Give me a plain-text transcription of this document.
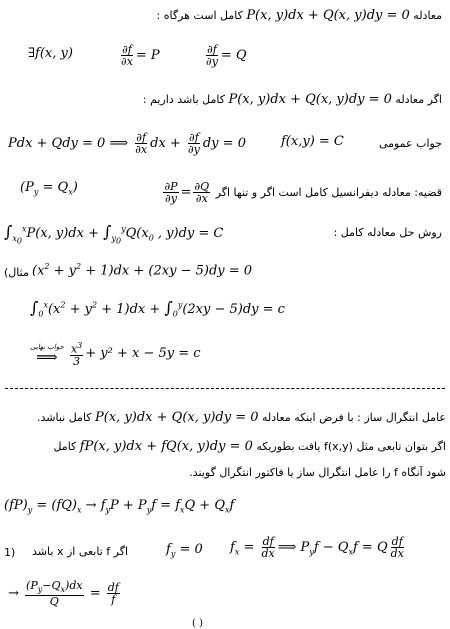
معادله P(x, y)dx + Q(x, y)dy = 0 کامل است هرگاه :
∃f(x, y)	$\frac{\partial f}{\partial x} = P$	$\frac{\partial f}{\partial y} = Q$
اگر معادله P(x, y)dx + Q(x, y)dy = 0 کامل باشد داریم :
Pdx + Qdy = 0 ⟹ $\frac{\partial f}{\partial x}$ dx + $\frac{\partial f}{\partial y}$ dy = 0	f(x,y) = C	جواب عمومی
$(P_y = Q_x)$	قضیه: معادله دیفرانسیل کامل است اگر و تنها اگر
$\frac{\partial P}{\partial y} = \frac{\partial Q}{\partial x}$
$\int_{x_0}^xP(x$, $y)dx + \int_{y_0}^yQ(x_0$ , y)dy = C	روش حل معادله کامل :
(مثال $(x^2 + y^2 + 1)dx + (2xy - 5)dy = 0$
$\int_0^x(x^2 + y^2 + 1)dx + \int_0^y(2xy - 5)dy = c$
جواب نهایی
⟹
$\frac{x^3}{3} + y^2 + x - 5y = c$
عامل انتگرال ساز : با فرض اینکه معادله P(x, y)dx + Q(x, y)dy = 0 کامل نباشد.
اگر بتوان تابعی مثل f(x,y) یافت بطوریکه fP(x, y)dx + fQ(x, y)dy = 0 کامل
شود آنگاه f را عامل انتگرال ساز یا فاکتور انتگرال گویند.
$(fP)_y = (fQ)_x \to f_yP + P_yf = f_xQ + Q_xf$
1)	اگر f تابعی از x باشد	$f_y = 0$ $f_x = \frac{df}{dx}$ ⟹ $P_yf - Q_xf = Q \frac{df}{dx}$
→ $\frac{(P_y-Q_x)dx}{Q} = \frac{df}{f}$
( )
